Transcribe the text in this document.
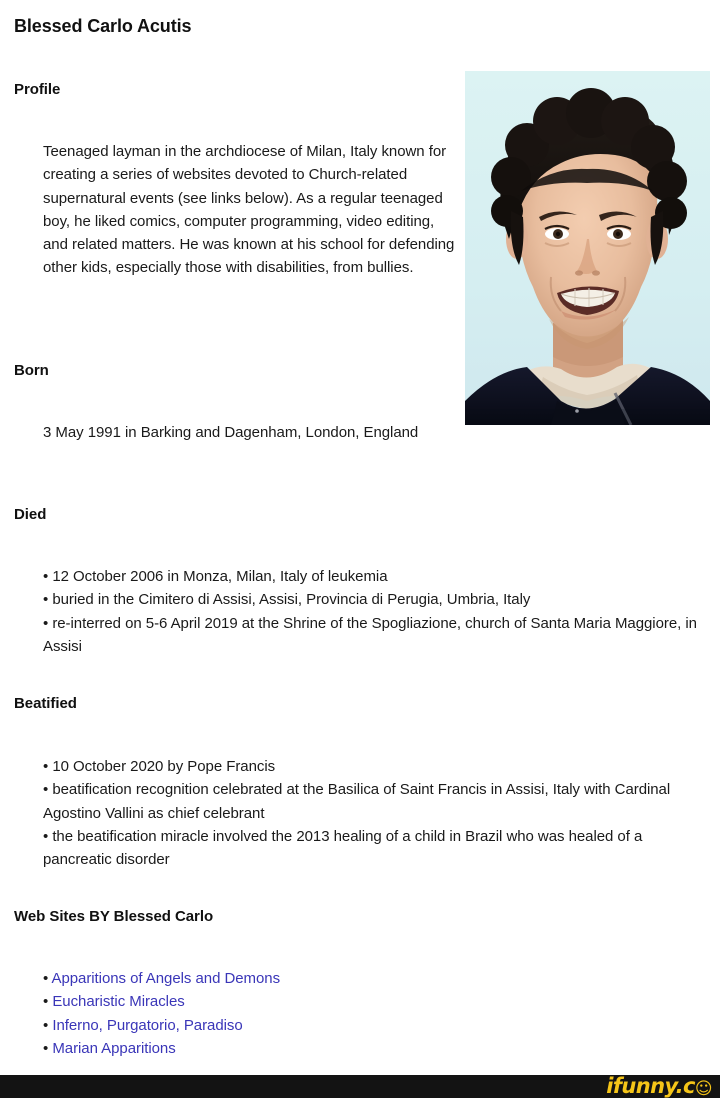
Blessed Carlo Acutis
Profile
Teenaged layman in the archdiocese of Milan, Italy known for creating a series of websites devoted to Church-related supernatural events (see links below). As a regular teenaged boy, he liked comics, computer programming, video editing, and related matters. He was known at his school for defending other kids, especially those with disabilities, from bullies.
Born
3 May 1991 in Barking and Dagenham, London, England
Died
• 12 October 2006 in Monza, Milan, Italy of leukemia
• buried in the Cimitero di Assisi, Assisi, Provincia di Perugia, Umbria, Italy
• re-interred on 5-6 April 2019 at the Shrine of the Spogliazione, church of Santa Maria Maggiore, in Assisi
Beatified
• 10 October 2020 by Pope Francis
• beatification recognition celebrated at the Basilica of Saint Francis in Assisi, Italy with Cardinal Agostino Vallini as chief celebrant
• the beatification miracle involved the 2013 healing of a child in Brazil who was healed of a pancreatic disorder
Web Sites BY Blessed Carlo
• Apparitions of Angels and Demons
• Eucharistic Miracles
• Inferno, Purgatorio, Paradiso
• Marian Apparitions
ifunny.c☺
